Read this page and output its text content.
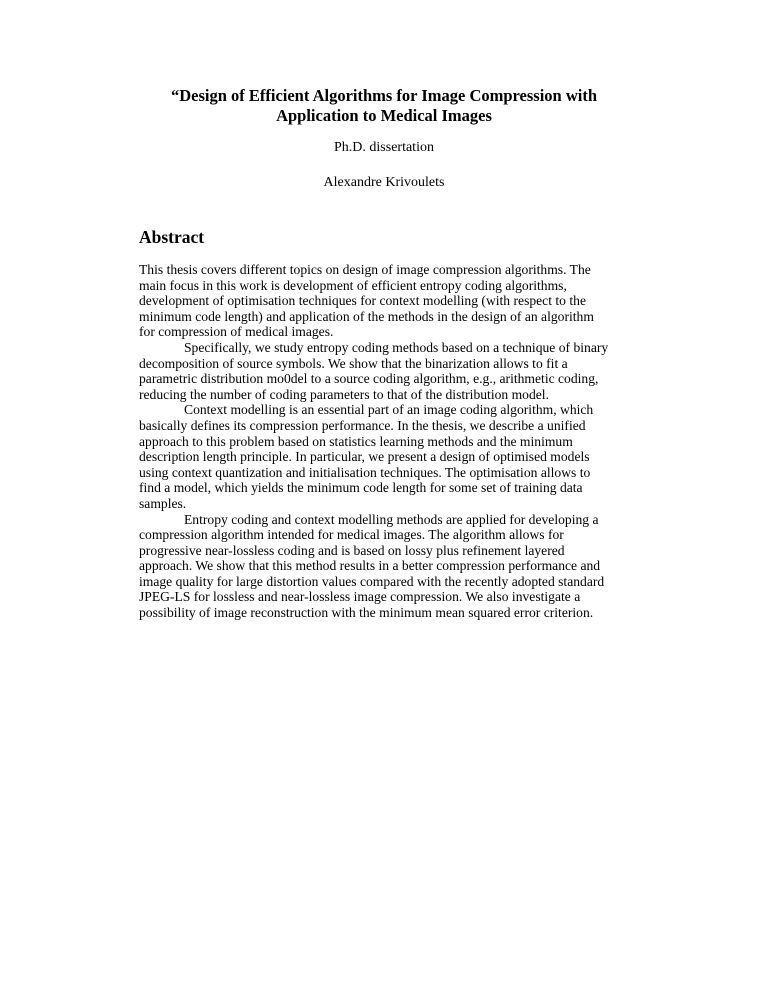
“Design of Efficient Algorithms for Image Compression with
Application to Medical Images
Ph.D. dissertation
Alexandre Krivoulets
Abstract
This thesis covers different topics on design of image compression algorithms. The
main focus in this work is development of efficient entropy coding algorithms,
development of optimisation techniques for context modelling (with respect to the
minimum code length) and application of the methods in the design of an algorithm
for compression of medical images.
Specifically, we study entropy coding methods based on a technique of binary
decomposition of source symbols. We show that the binarization allows to fit a
parametric distribution mo0del to a source coding algorithm, e.g., arithmetic coding,
reducing the number of coding parameters to that of the distribution model.
Context modelling is an essential part of an image coding algorithm, which
basically defines its compression performance. In the thesis, we describe a unified
approach to this problem based on statistics learning methods and the minimum
description length principle. In particular, we present a design of optimised models
using context quantization and initialisation techniques. The optimisation allows to
find a model, which yields the minimum code length for some set of training data
samples.
Entropy coding and context modelling methods are applied for developing a
compression algorithm intended for medical images. The algorithm allows for
progressive near-lossless coding and is based on lossy plus refinement layered
approach. We show that this method results in a better compression performance and
image quality for large distortion values compared with the recently adopted standard
JPEG-LS for lossless and near-lossless image compression. We also investigate a
possibility of image reconstruction with the minimum mean squared error criterion.
